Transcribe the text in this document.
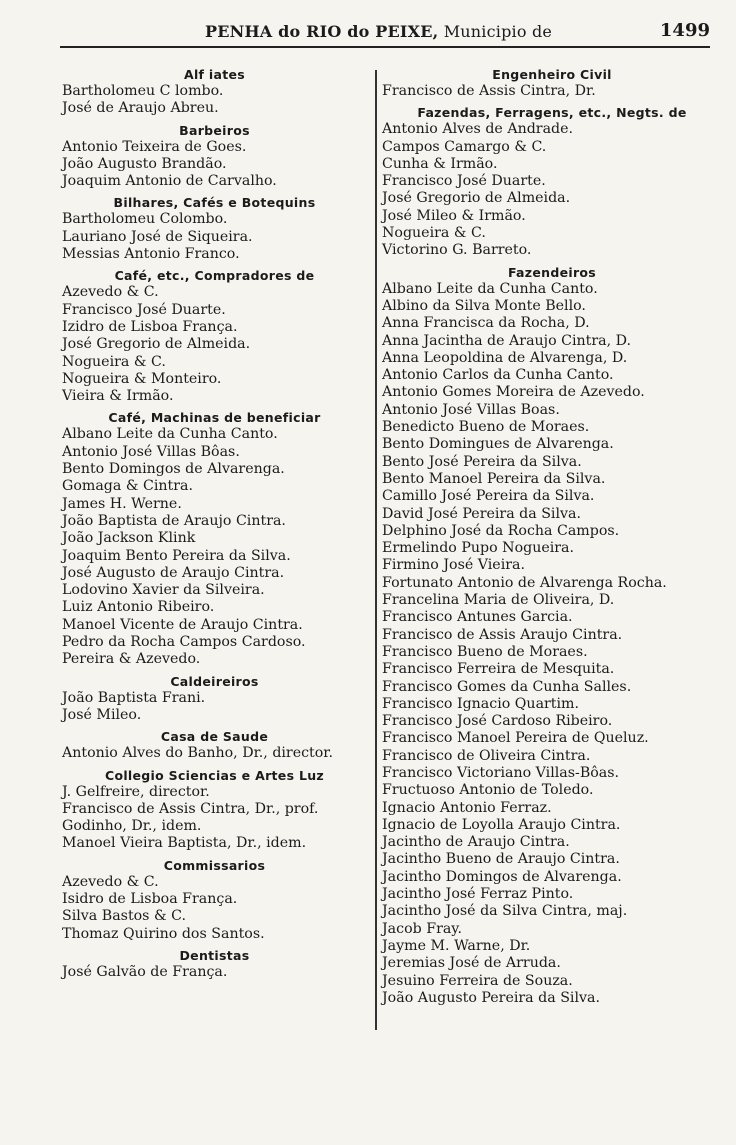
PENHA do RIO do PEIXE, Municipio de	1499
Alf iates
Bartholomeu C lombo.
José de Araujo Abreu.
Barbeiros
Antonio Teixeira de Goes.
João Augusto Brandão.
Joaquim Antonio de Carvalho.
Bilhares, Cafés e Botequins
Bartholomeu Colombo.
Lauriano José de Siqueira.
Messias Antonio Franco.
Café, etc., Compradores de
Azevedo & C.
Francisco José Duarte.
Izidro de Lisboa França.
José Gregorio de Almeida.
Nogueira & C.
Nogueira & Monteiro.
Vieira & Irmão.
Café, Machinas de beneficiar
Albano Leite da Cunha Canto.
Antonio José Villas Bôas.
Bento Domingos de Alvarenga.
Gomaga & Cintra.
James H. Werne.
João Baptista de Araujo Cintra.
João Jackson Klink
Joaquim Bento Pereira da Silva.
José Augusto de Araujo Cintra.
Lodovino Xavier da Silveira.
Luiz Antonio Ribeiro.
Manoel Vicente de Araujo Cintra.
Pedro da Rocha Campos Cardoso.
Pereira & Azevedo.
Caldeireiros
João Baptista Frani.
José Mileo.
Casa de Saude
Antonio Alves do Banho, Dr., director.
Collegio Sciencias e Artes Luz
J. Gelfreire, director.
Francisco de Assis Cintra, Dr., prof.
Godinho, Dr., idem.
Manoel Vieira Baptista, Dr., idem.
Commissarios
Azevedo & C.
Isidro de Lisboa França.
Silva Bastos & C.
Thomaz Quirino dos Santos.
Dentistas
José Galvão de França.
Engenheiro Civil
Francisco de Assis Cintra, Dr.
Fazendas, Ferragens, etc., Negts. de
Antonio Alves de Andrade.
Campos Camargo & C.
Cunha & Irmão.
Francisco José Duarte.
José Gregorio de Almeida.
José Mileo & Irmão.
Nogueira & C.
Victorino G. Barreto.
Fazendeiros
Albano Leite da Cunha Canto.
Albino da Silva Monte Bello.
Anna Francisca da Rocha, D.
Anna Jacintha de Araujo Cintra, D.
Anna Leopoldina de Alvarenga, D.
Antonio Carlos da Cunha Canto.
Antonio Gomes Moreira de Azevedo.
Antonio José Villas Boas.
Benedicto Bueno de Moraes.
Bento Domingues de Alvarenga.
Bento José Pereira da Silva.
Bento Manoel Pereira da Silva.
Camillo José Pereira da Silva.
David José Pereira da Silva.
Delphino José da Rocha Campos.
Ermelindo Pupo Nogueira.
Firmino José Vieira.
Fortunato Antonio de Alvarenga Rocha.
Francelina Maria de Oliveira, D.
Francisco Antunes Garcia.
Francisco de Assis Araujo Cintra.
Francisco Bueno de Moraes.
Francisco Ferreira de Mesquita.
Francisco Gomes da Cunha Salles.
Francisco Ignacio Quartim.
Francisco José Cardoso Ribeiro.
Francisco Manoel Pereira de Queluz.
Francisco de Oliveira Cintra.
Francisco Victoriano Villas-Bôas.
Fructuoso Antonio de Toledo.
Ignacio Antonio Ferraz.
Ignacio de Loyolla Araujo Cintra.
Jacintho de Araujo Cintra.
Jacintho Bueno de Araujo Cintra.
Jacintho Domingos de Alvarenga.
Jacintho José Ferraz Pinto.
Jacintho José da Silva Cintra, maj.
Jacob Fray.
Jayme M. Warne, Dr.
Jeremias José de Arruda.
Jesuino Ferreira de Souza.
João Augusto Pereira da Silva.
